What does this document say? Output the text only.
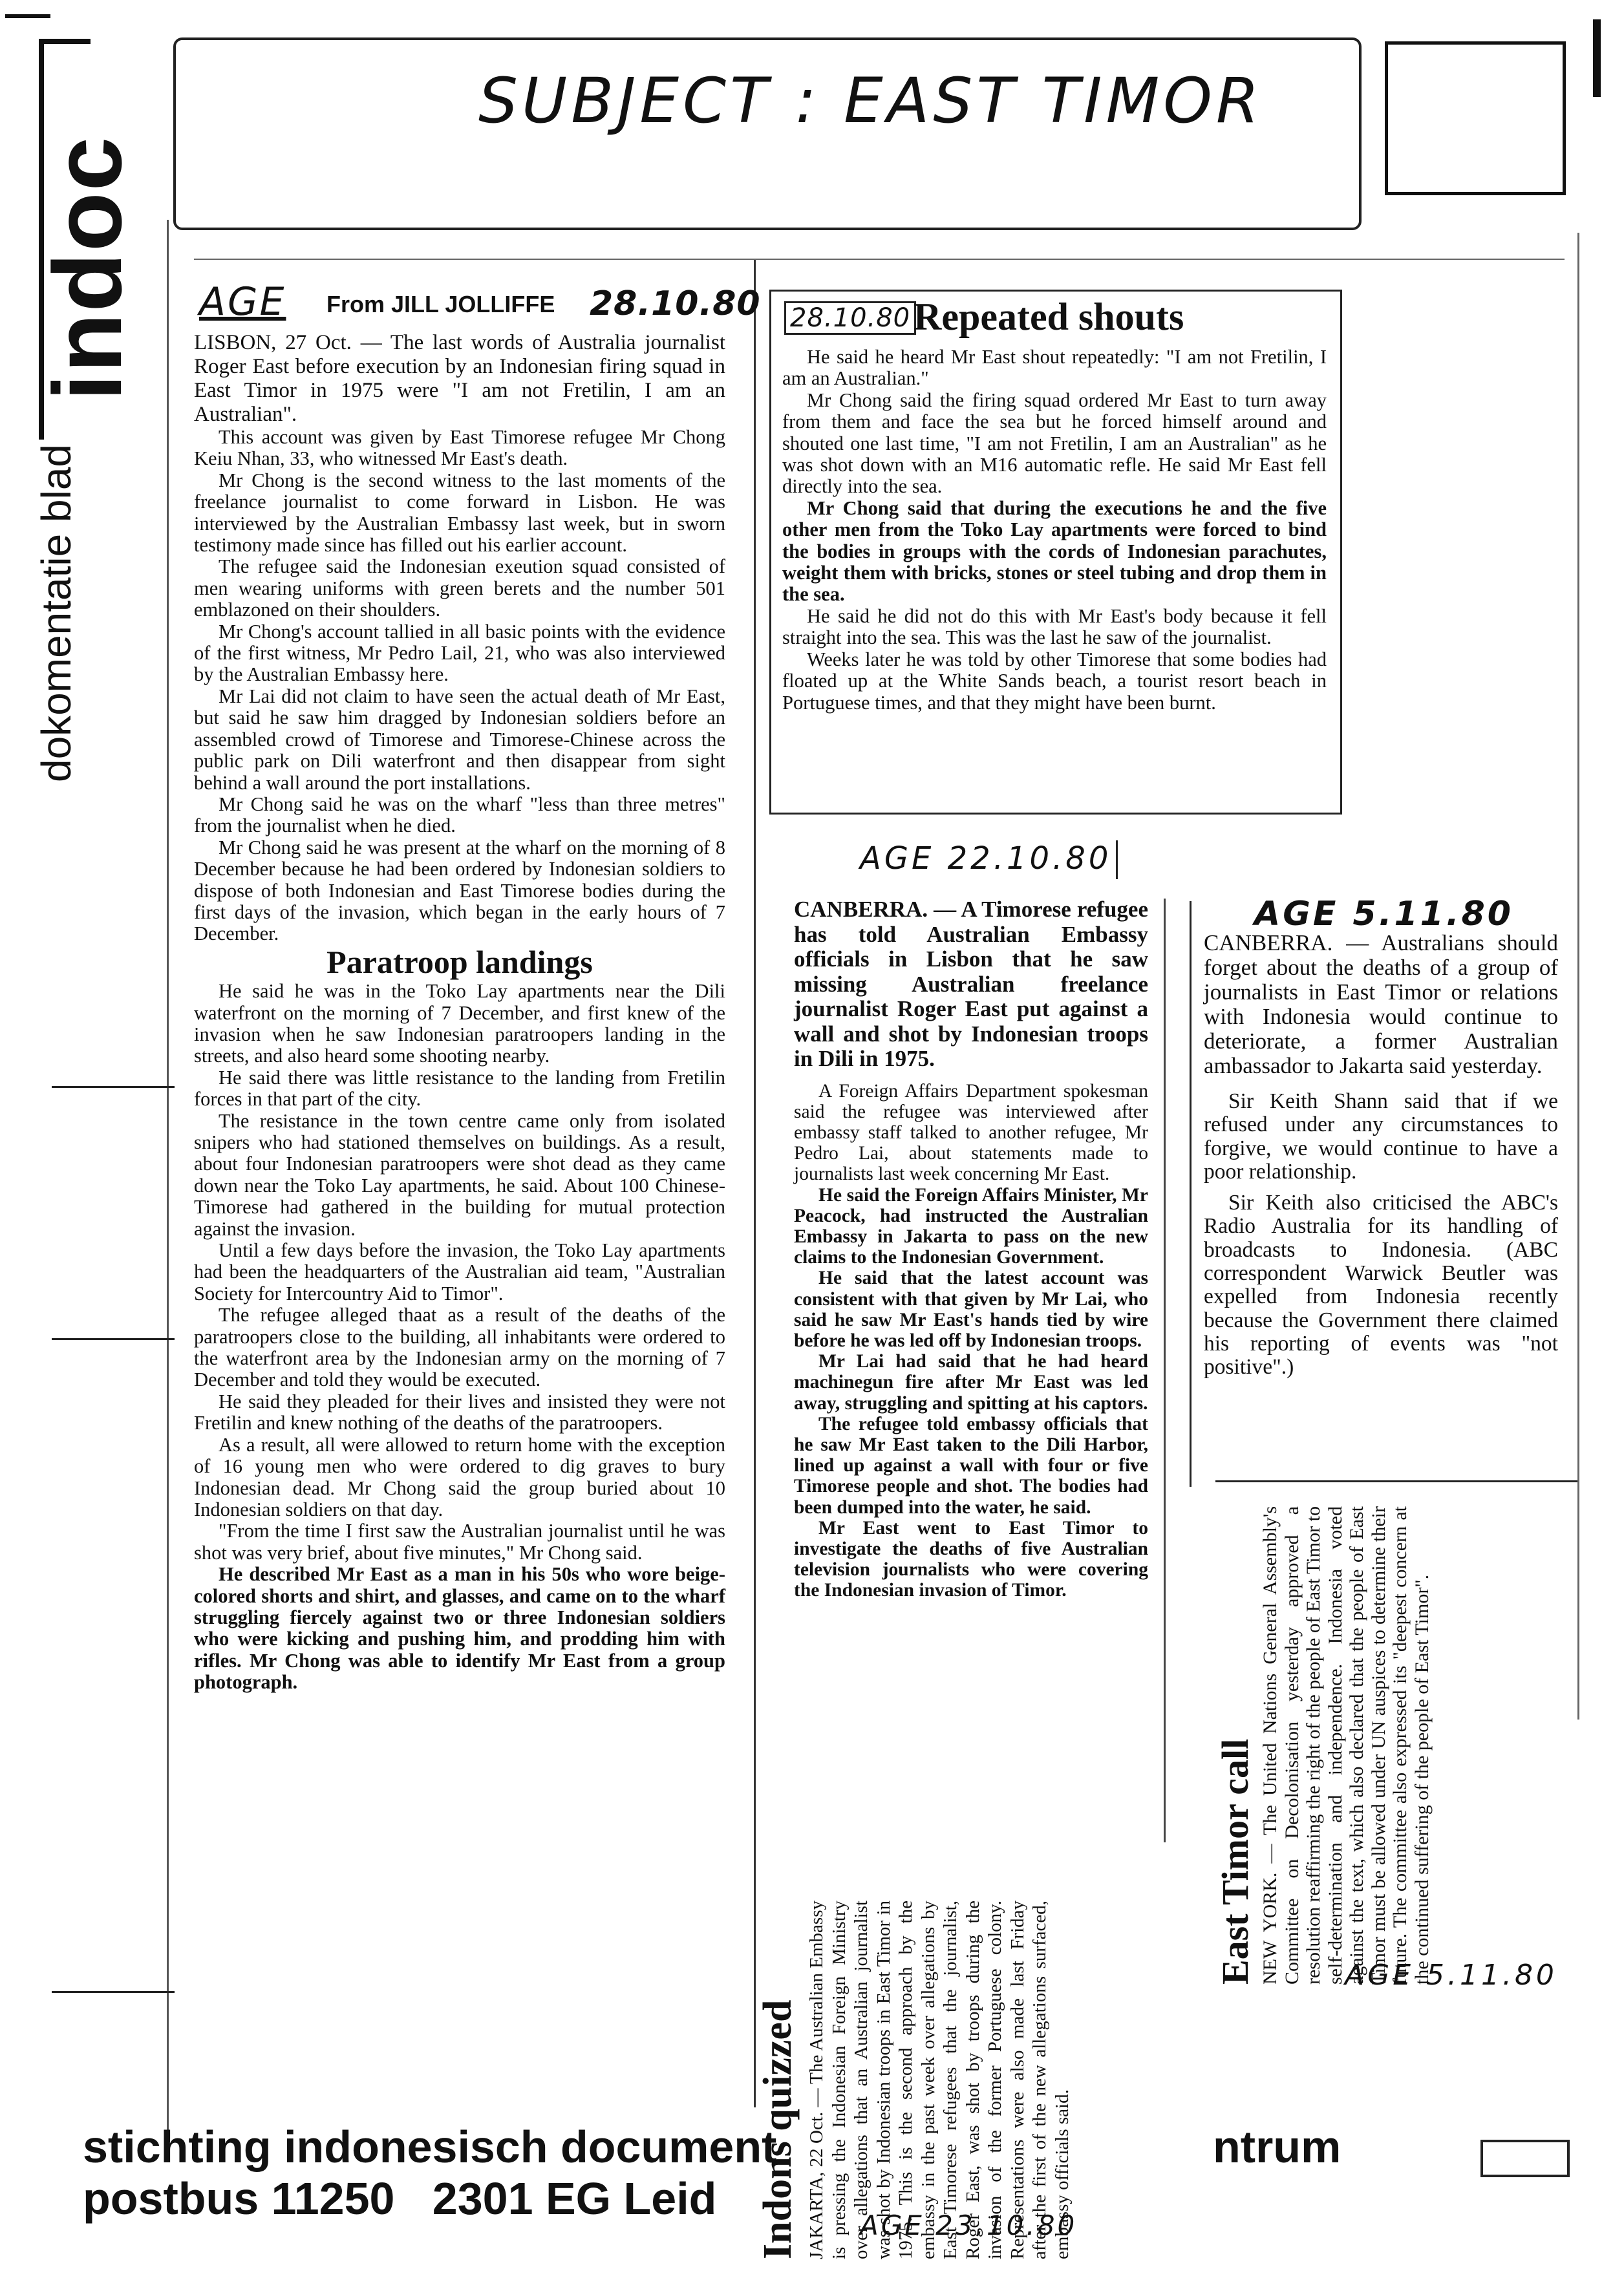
SUBJECT : EAST TIMOR
indoc
dokomentatie blad
AGE From JILL JOLLIFFE 28.10.80

LISBON, 27 Oct. — The last words of Australia journalist Roger East before execution by an Indonesian firing squad in East Timor in 1975 were "I am not Fretilin, I am an Australian".

This account was given by East Timorese refugee Mr Chong Keiu Nhan, 33, who witnessed Mr East's death.

Mr Chong is the second witness to the last moments of the freelance journalist to come forward in Lisbon. He was interviewed by the Australian Embassy last week, but in sworn testimony made since has filled out his earlier account.

The refugee said the Indonesian exeution squad consisted of men wearing uniforms with green berets and the number 501 emblazoned on their shoulders.

Mr Chong's account tallied in all basic points with the evidence of the first witness, Mr Pedro Lail, 21, who was also interviewed by the Australian Embassy here.

Mr Lai did not claim to have seen the actual death of Mr East, but said he saw him dragged by Indonesian soldiers before an assembled crowd of Timorese and Timorese-Chinese across the public park on Dili waterfront and then disappear from sight behind a wall around the port installations.

Mr Chong said he was on the wharf "less than three metres" from the journalist when he died.

Mr Chong said he was present at the wharf on the morning of 8 December because he had been ordered by Indonesian soldiers to dispose of both Indonesian and East Timorese bodies during the first days of the invasion, which began in the early hours of 7 December.

Paratroop landings

He said he was in the Toko Lay apartments near the Dili waterfront on the morning of 7 December, and first knew of the invasion when he saw Indonesian paratroopers landing in the streets, and also heard some shooting nearby.

He said there was little resistance to the landing from Fretilin forces in that part of the city.

The resistance in the town centre came only from isolated snipers who had stationed themselves on buildings. As a result, about four Indonesian paratroopers were shot dead as they came down near the Toko Lay apartments, he said. About 100 Chinese-Timorese had gathered in the building for mutual protection against the invasion.

Until a few days before the invasion, the Toko Lay apartments had been the headquarters of the Australian aid team, "Australian Society for Intercountry Aid to Timor".

The refugee alleged thaat as a result of the deaths of the paratroopers close to the building, all inhabitants were ordered to the waterfront area by the Indonesian army on the morning of 7 December and told they would be executed.

He said they pleaded for their lives and insisted they were not Fretilin and knew nothing of the deaths of the paratroopers.

As a result, all were allowed to return home with the exception of 16 young men who were ordered to dig graves to bury Indonesian dead. Mr Chong said the group buried about 10 Indonesian soldiers on that day.

"From the time I first saw the Australian journalist until he was shot was very brief, about five minutes," Mr Chong said.

He described Mr East as a man in his 50s who wore beige-colored shorts and shirt, and glasses, and came on to the wharf struggling fiercely against two or three Indonesian soldiers who were kicking and pushing him, and prodding him with rifles. Mr Chong was able to identify Mr East from a group photograph.

28.10.80 Repeated shouts

He said he heard Mr East shout repeatedly: "I am not Fretilin, I am an Australian."

Mr Chong said the firing squad ordered Mr East to turn away from them and face the sea but he forced himself around and shouted one last time, "I am not Fretilin, I am an Australian" as he was shot down with an M16 automatic refle. He said Mr East fell directly into the sea.

Mr Chong said that during the executions he and the five other men from the Toko Lay apartments were forced to bind the bodies in groups with the cords of Indonesian parachutes, weight them with bricks, stones or steel tubing and drop them in the sea.

He said he did not do this with Mr East's body because it fell straight into the sea. This was the last he saw of the journalist.

Weeks later he was told by other Timorese that some bodies had floated up at the White Sands beach, a tourist resort beach in Portuguese times, and that they might have been burnt.

AGE 22.10.80

CANBERRA. — A Timorese refugee has told Australian Embassy officials in Lisbon that he saw missing Australian freelance journalist Roger East put against a wall and shot by Indonesian troops in Dili in 1975.

A Foreign Affairs Department spokesman said the refugee was interviewed after embassy staff talked to another refugee, Mr Pedro Lai, about statements made to journalists last week concerning Mr East.

He said the Foreign Affairs Minister, Mr Peacock, had instructed the Australian Embassy in Jakarta to pass on the new claims to the Indonesian Government.

He said that the latest account was consistent with that given by Mr Lai, who said he saw Mr East's hands tied by wire before he was led off by Indonesian troops.

Mr Lai had said that he had heard machinegun fire after Mr East was led away, struggling and spitting at his captors.

The refugee told embassy officials that he saw Mr East taken to the Dili Harbor, lined up against a wall with four or five Timorese people and shot. The bodies had been dumped into the water, he said.

Mr East went to East Timor to investigate the deaths of five Australian television journalists who were covering the Indonesian invasion of Timor.

AGE 5.11.80

CANBERRA. — Australians should forget about the deaths of a group of journalists in East Timor or relations with Indonesia would continue to deteriorate, a former Australian ambassador to Jakarta said yesterday.

Sir Keith Shann said that if we refused under any circumstances to forgive, we would continue to have a poor relationship.

Sir Keith also criticised the ABC's Radio Australia for its handling of broadcasts to Indonesia. (ABC correspondent Warwick Beutler was expelled from Indonesia recently because the Government there claimed his reporting of events was "not positive".)

East Timor call NEW YORK. — The United Nations General Assembly's Committee on Decolonisation yesterday approved a resolution reaffirming the right of the people of East Timor to self-determination and independence. Indonesia voted against the text, which also declared that the people of East Timor must be allowed under UN auspices to determine their future. The committee also expressed its "deepest concern at the continued suffering of the people of East Timor".
AGE 5.11.80
Indons quizzed JAKARTA, 22 Oct. — The Australian Embassy is pressing the Indonesian Foreign Ministry over allegations that an Australian journalist was shot by Indonesian troops in East Timor in 1975. This is the second approach by the embassy in the past week over allegations by East Timorese refugees that the journalist, Roger East, was shot by troops during the invasion of the former Portuguese colony. Representations were also made last Friday after the first of the new allegations surfaced, embassy officials said.
AGE 23.10.80
stichting indonesisch document	ntrum
postbus 11250   2301 EG Leid
